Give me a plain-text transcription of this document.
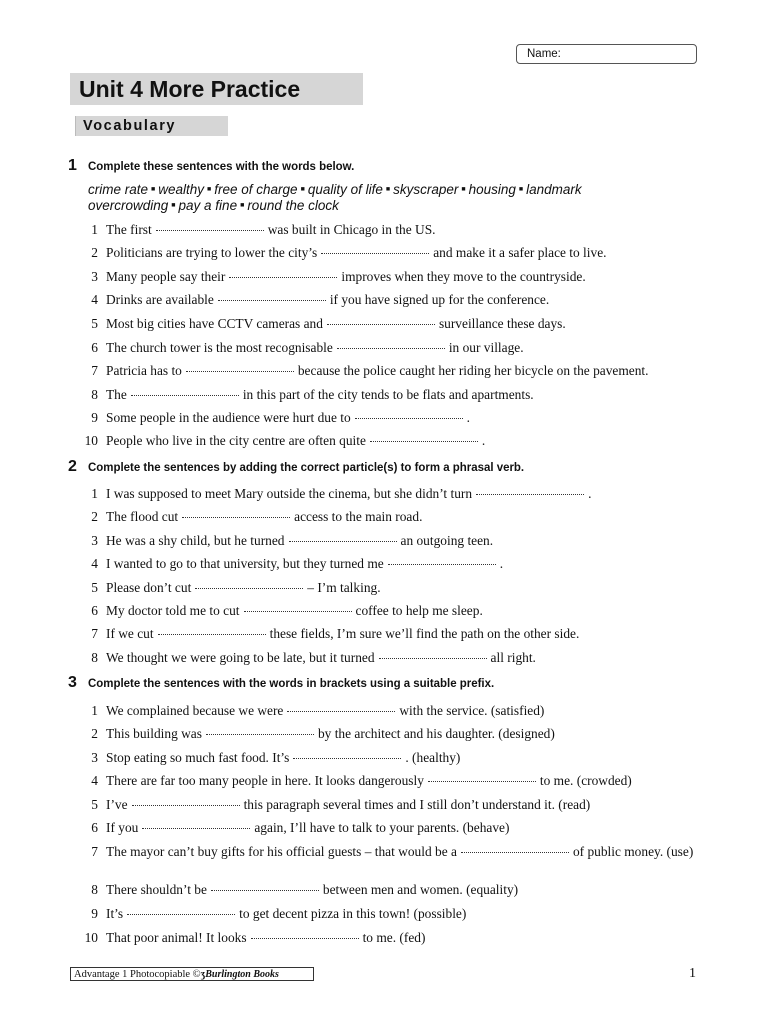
Name:
Unit 4 More Practice
Vocabulary
1 Complete these sentences with the words below.
crime rate ■ wealthy ■ free of charge ■ quality of life ■ skyscraper ■ housing ■ landmark
overcrowding ■ pay a fine ■ round the clock
1 The first	was built in Chicago in the US.
2 Politicians are trying to lower the city’s	and make it a safer place to live.
3 Many people say their	improves when they move to the countryside.
4 Drinks are available	if you have signed up for the conference.
5 Most big cities have CCTV cameras and	surveillance these days.
6 The church tower is the most recognisable	in our village.
7 Patricia has to	because the police caught her riding her bicycle on the pavement.
8 The	in this part of the city tends to be flats and apartments.
9 Some people in the audience were hurt due to	.
10 People who live in the city centre are often quite	.
2 Complete the sentences by adding the correct particle(s) to form a phrasal verb.
1 I was supposed to meet Mary outside the cinema, but she didn’t turn	.
2 The flood cut	access to the main road.
3 He was a shy child, but he turned	an outgoing teen.
4 I wanted to go to that university, but they turned me	.
5 Please don’t cut	– I’m talking.
6 My doctor told me to cut	coffee to help me sleep.
7 If we cut	these fields, I’m sure we’ll find the path on the other side.
8 We thought we were going to be late, but it turned	all right.
3 Complete the sentences with the words in brackets using a suitable prefix.
1 We complained because we were	with the service. (satisfied)
2 This building was	by the architect and his daughter. (designed)
3 Stop eating so much fast food. It’s	. (healthy)
4 There are far too many people in here. It looks dangerously	to me. (crowded)
5 I’ve	this paragraph several times and I still don’t understand it. (read)
6 If you	again, I’ll have to talk to your parents. (behave)
7 The mayor can’t buy gifts for his official guests – that would be a	of public money. (use)
8 There shouldn’t be	between men and women. (equality)
9 It’s	to get decent pizza in this town! (possible)
10 That poor animal! It looks	to me. (fed)
Advantage 1 Photocopiable ©ʒBurlington Books	1
